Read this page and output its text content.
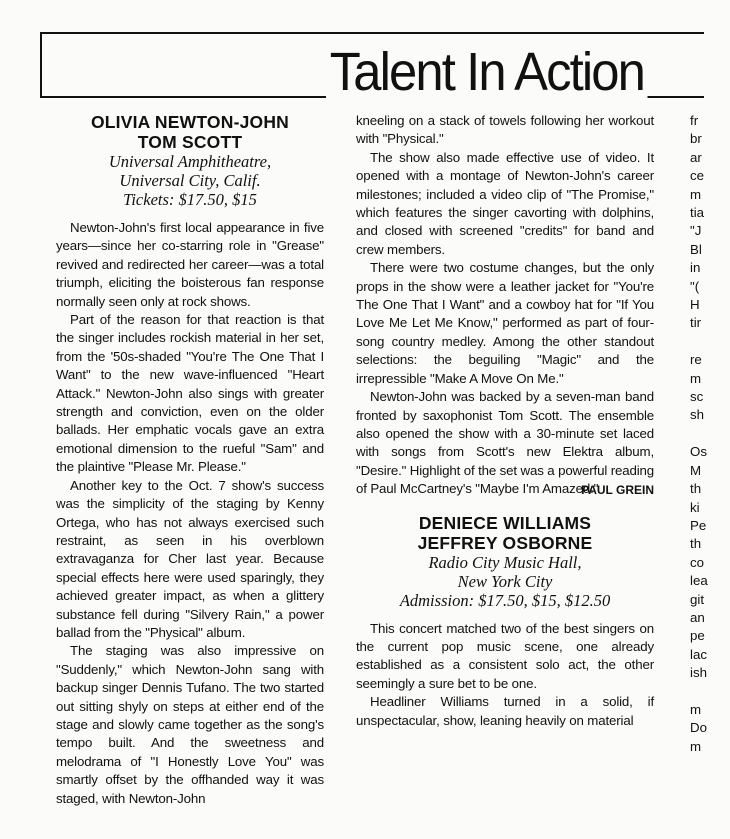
Talent In Action
OLIVIA NEWTON-JOHN
TOM SCOTT
Universal Amphitheatre,
Universal City, Calif.
Tickets: $17.50, $15

Newton-John's first local appearance in five years—since her co-starring role in "Grease" revived and redirected her career—was a total triumph, eliciting the boisterous fan response normally seen only at rock shows.

Part of the reason for that reaction is that the singer includes rockish material in her set, from the '50s-shaded "You're The One That I Want" to the new wave-influenced "Heart Attack." Newton-John also sings with greater strength and conviction, even on the older ballads. Her emphatic vocals gave an extra emotional dimension to the rueful "Sam" and the plaintive "Please Mr. Please."

Another key to the Oct. 7 show's success was the simplicity of the staging by Kenny Ortega, who has not always exercised such restraint, as seen in his overblown extravaganza for Cher last year. Because special effects here were used sparingly, they achieved greater impact, as when a glittery substance fell during "Silvery Rain," a power ballad from the "Physical" album.

The staging was also impressive on "Suddenly," which Newton-John sang with backup singer Dennis Tufano. The two started out sitting shyly on steps at either end of the stage and slowly came together as the song's tempo built. And the sweetness and melodrama of "I Honestly Love You" was smartly offset by the offhanded way it was staged, with Newton-John

kneeling on a stack of towels following her workout with "Physical."

The show also made effective use of video. It opened with a montage of Newton-John's career milestones; included a video clip of "The Promise," which features the singer cavorting with dolphins, and closed with screened "credits" for band and crew members.

There were two costume changes, but the only props in the show were a leather jacket for "You're The One That I Want" and a cowboy hat for "If You Love Me Let Me Know," performed as part of four-song country medley. Among the other standout selections: the beguiling "Magic" and the irrepressible "Make A Move On Me."

Newton-John was backed by a seven-man band fronted by saxophonist Tom Scott. The ensemble also opened the show with a 30-minute set laced with songs from Scott's new Elektra album, "Desire." Highlight of the set was a powerful reading of Paul McCartney's "Maybe I'm Amazed."

PAUL GREIN
DENIECE WILLIAMS
JEFFREY OSBORNE
Radio City Music Hall,
New York City
Admission: $17.50, $15, $12.50

This concert matched two of the best singers on the current pop music scene, one already established as a consistent solo act, the other seemingly a sure bet to be one.

Headliner Williams turned in a solid, if unspectacular, show, leaning heavily on material

fr
br
ar
ce
m
tia
"J
Bl
in
"(
H
tir
re
m
sc
sh
Os
M
th
ki
Pe
th
co
lea
git
an
pe
lac
ish
m
Do
m
